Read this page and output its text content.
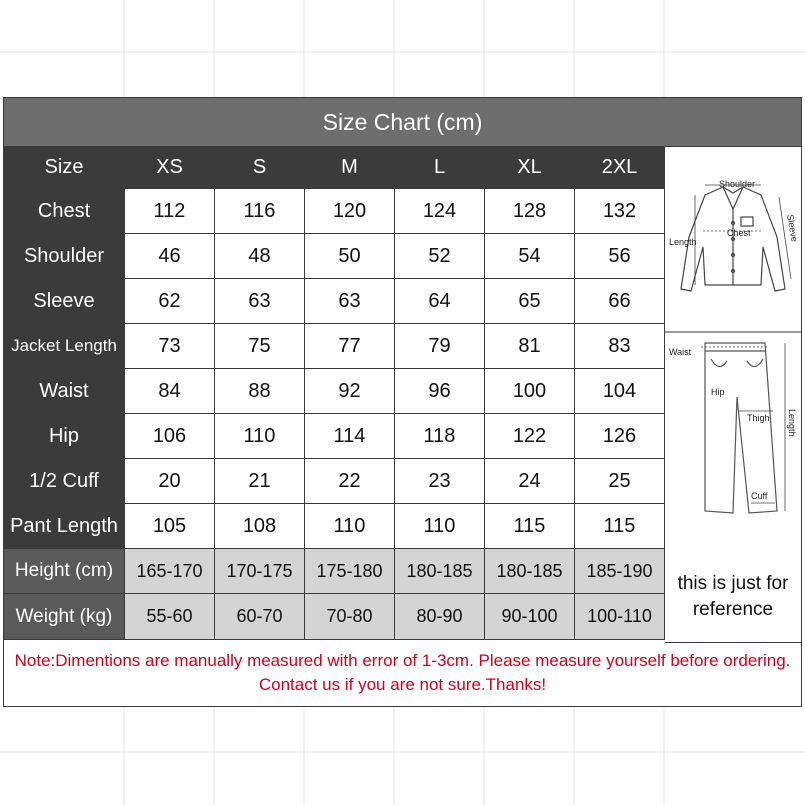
Size Chart (cm)
Size	XS	S	M	L	XL	2XL
Chest	112	116	120	124	128	132
Shoulder	46	48	50	52	54	56
Sleeve	62	63	63	64	65	66
Jacket Length	73	75	77	79	81	83
Waist	84	88	92	96	100	104
Hip	106	110	114	118	122	126
1/2 Cuff	20	21	22	23	24	25
Pant Length	105	108	110	110	115	115
Shoulder
Chest
Length	Sleeve
Waist
Hip
Thigh Length
Cuff
Height (cm)	165-170	170-175	175-180	180-185	180-185	185-190
Weight (kg)	55-60	60-70	70-80	80-90	90-100	100-110
this is just for reference
Note:Dimentions are manually measured with error of 1-3cm. Please measure yourself before ordering. Contact us if you are not sure.Thanks!
